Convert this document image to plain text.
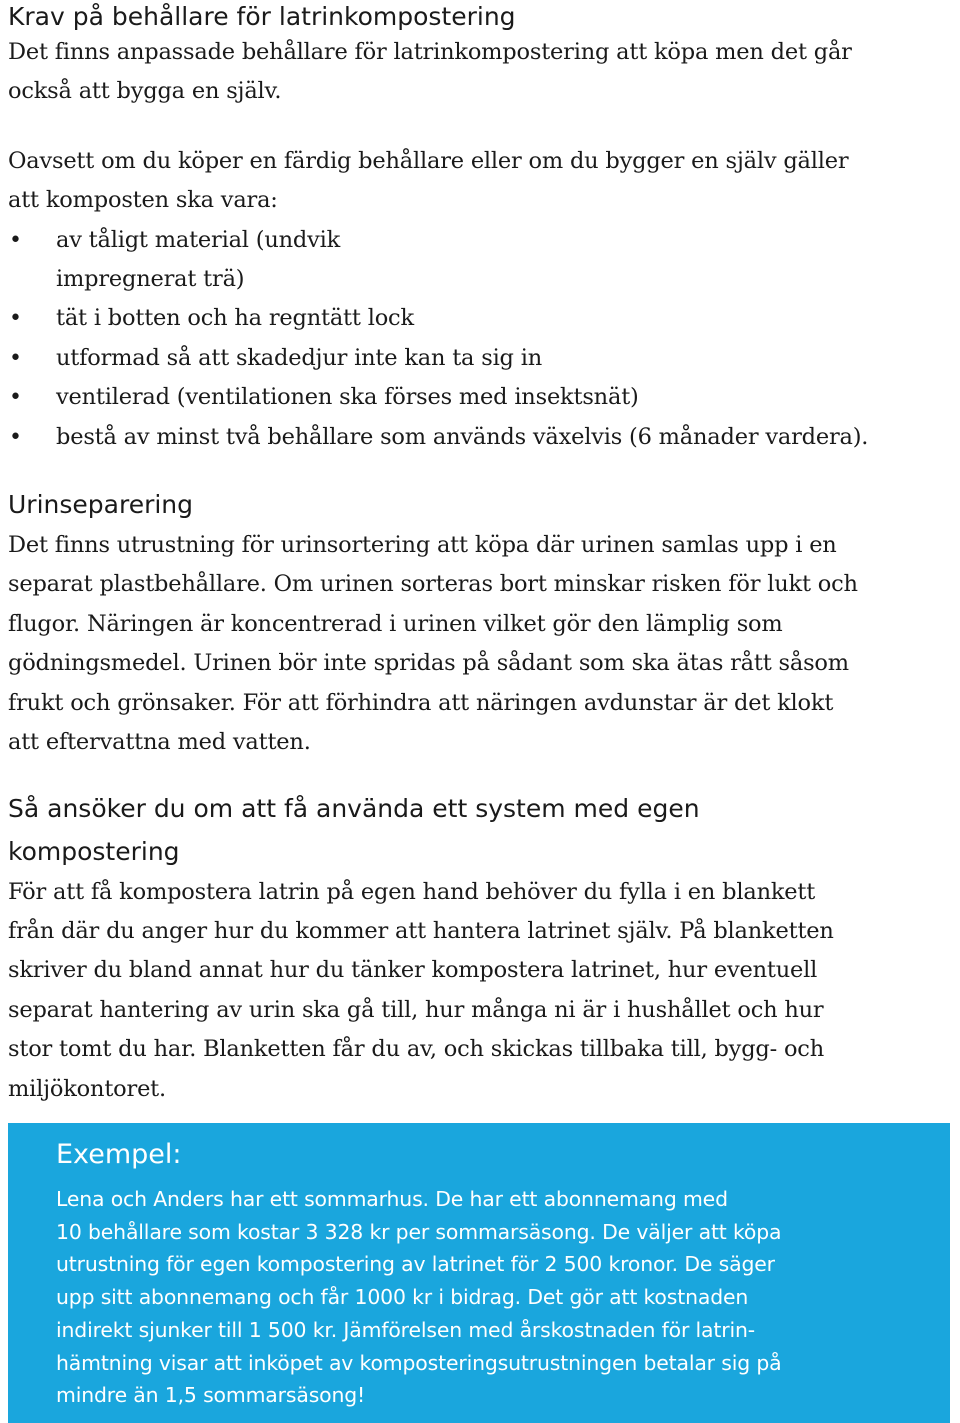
Krav på behållare för latrinkompostering

Det finns anpassade behållare för latrinkompostering att köpa men det går
också att bygga en själv.

Oavsett om du köper en färdig behållare eller om du bygger en själv gäller
att komposten ska vara:

• av tåligt material (undvik
impregnerat trä)
• tät i botten och ha regntätt lock
• utformad så att skadedjur inte kan ta sig in
• ventilerad (ventilationen ska förses med insektsnät)
• bestå av minst två behållare som används växelvis (6 månader vardera).
Urinseparering

Det finns utrustning för urinsortering att köpa där urinen samlas upp i en
separat plastbehållare. Om urinen sorteras bort minskar risken för lukt och
flugor. Näringen är koncentrerad i urinen vilket gör den lämplig som
gödningsmedel. Urinen bör inte spridas på sådant som ska ätas rått såsom
frukt och grönsaker. För att förhindra att näringen avdunstar är det klokt
att eftervattna med vatten.

Så ansöker du om att få använda ett system med egen
kompostering

För att få kompostera latrin på egen hand behöver du fylla i en blankett
från där du anger hur du kommer att hantera latrinet själv. På blanketten
skriver du bland annat hur du tänker kompostera latrinet, hur eventuell
separat hantering av urin ska gå till, hur många ni är i hushållet och hur
stor tomt du har. Blanketten får du av, och skickas tillbaka till, bygg- och
miljökontoret.

Exempel:

Lena och Anders har ett sommarhus. De har ett abonnemang med
10 behållare som kostar 3 328 kr per sommarsäsong. De väljer att köpa
utrustning för egen kompostering av latrinet för 2 500 kronor. De säger
upp sitt abonnemang och får 1000 kr i bidrag. Det gör att kostnaden
indirekt sjunker till 1 500 kr. Jämförelsen med årskostnaden för latrin-
hämtning visar att inköpet av komposteringsutrustningen betalar sig på
mindre än 1,5 sommarsäsong!
